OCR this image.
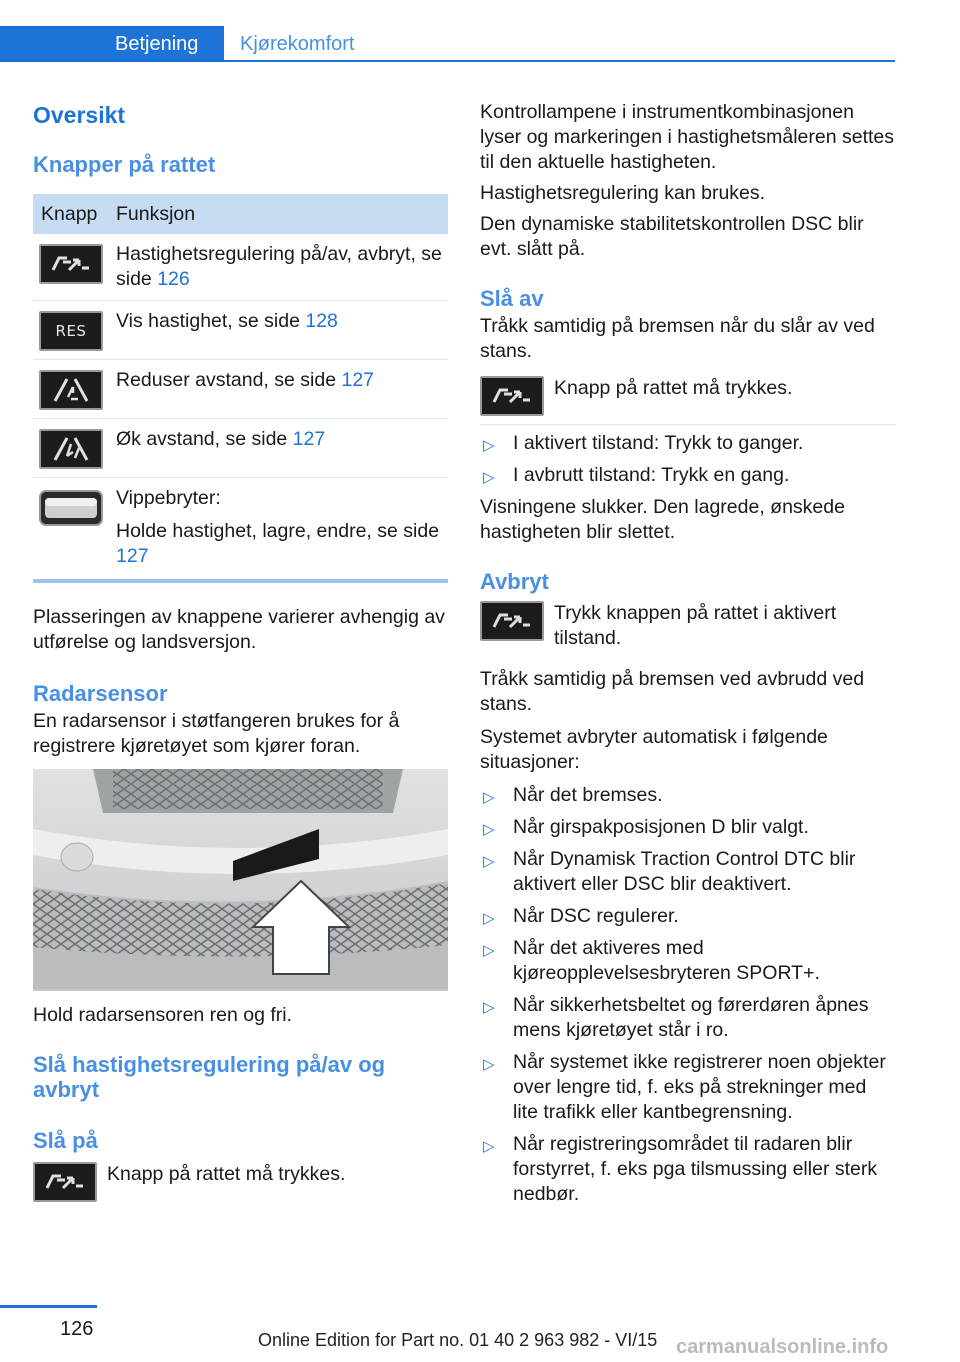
Betjening	Kjørekomfort
Oversikt
Knapper på rattet
Knapp Funksjon
Hastighetsregulering på/av, avbryt, se side 126
RES Vis hastighet, se side 128
Reduser avstand, se side 127
Øk avstand, se side 127
Vippebryter:
Holde hastighet, lagre, endre, se side 127
Plasseringen av knappene varierer avhengig av utførelse og landsversjon.
Radarsensor
En radarsensor i støtfangeren brukes for å registrere kjøretøyet som kjører foran.
Hold radarsensoren ren og fri.
Slå hastighetsregulering på/av og avbryt
Slå på
Knapp på rattet må trykkes.
Kontrollampene i instrumentkombinasjonen lyser og markeringen i hastighetsmåleren settes til den aktuelle hastigheten.
Hastighetsregulering kan brukes.
Den dynamiske stabilitetskontrollen DSC blir evt. slått på.
Slå av
Tråkk samtidig på bremsen når du slår av ved stans.
Knapp på rattet må trykkes.
▷ I aktivert tilstand: Trykk to ganger.
▷ I avbrutt tilstand: Trykk en gang.
Visningene slukker. Den lagrede, ønskede hastigheten blir slettet.
Avbryt
Trykk knappen på rattet i aktivert tilstand.
Tråkk samtidig på bremsen ved avbrudd ved stans.
Systemet avbryter automatisk i følgende situasjoner:
▷ Når det bremses.
▷ Når girspakposisjonen D blir valgt.
▷ Når Dynamisk Traction Control DTC blir aktivert eller DSC blir deaktivert.
▷ Når DSC regulerer.
▷ Når det aktiveres med kjøreopplevelsesbryteren SPORT+.
▷ Når sikkerhetsbeltet og førerdøren åpnes mens kjøretøyet står i ro.
▷ Når systemet ikke registrerer noen objekter over lengre tid, f. eks på strekninger med lite trafikk eller kantbegrensning.
▷ Når registreringsområdet til radaren blir forstyrret, f. eks pga tilsmussing eller sterk nedbør.
126	Online Edition for Part no. 01 40 2 963 982 - VI/15 carmanualsonline.info
